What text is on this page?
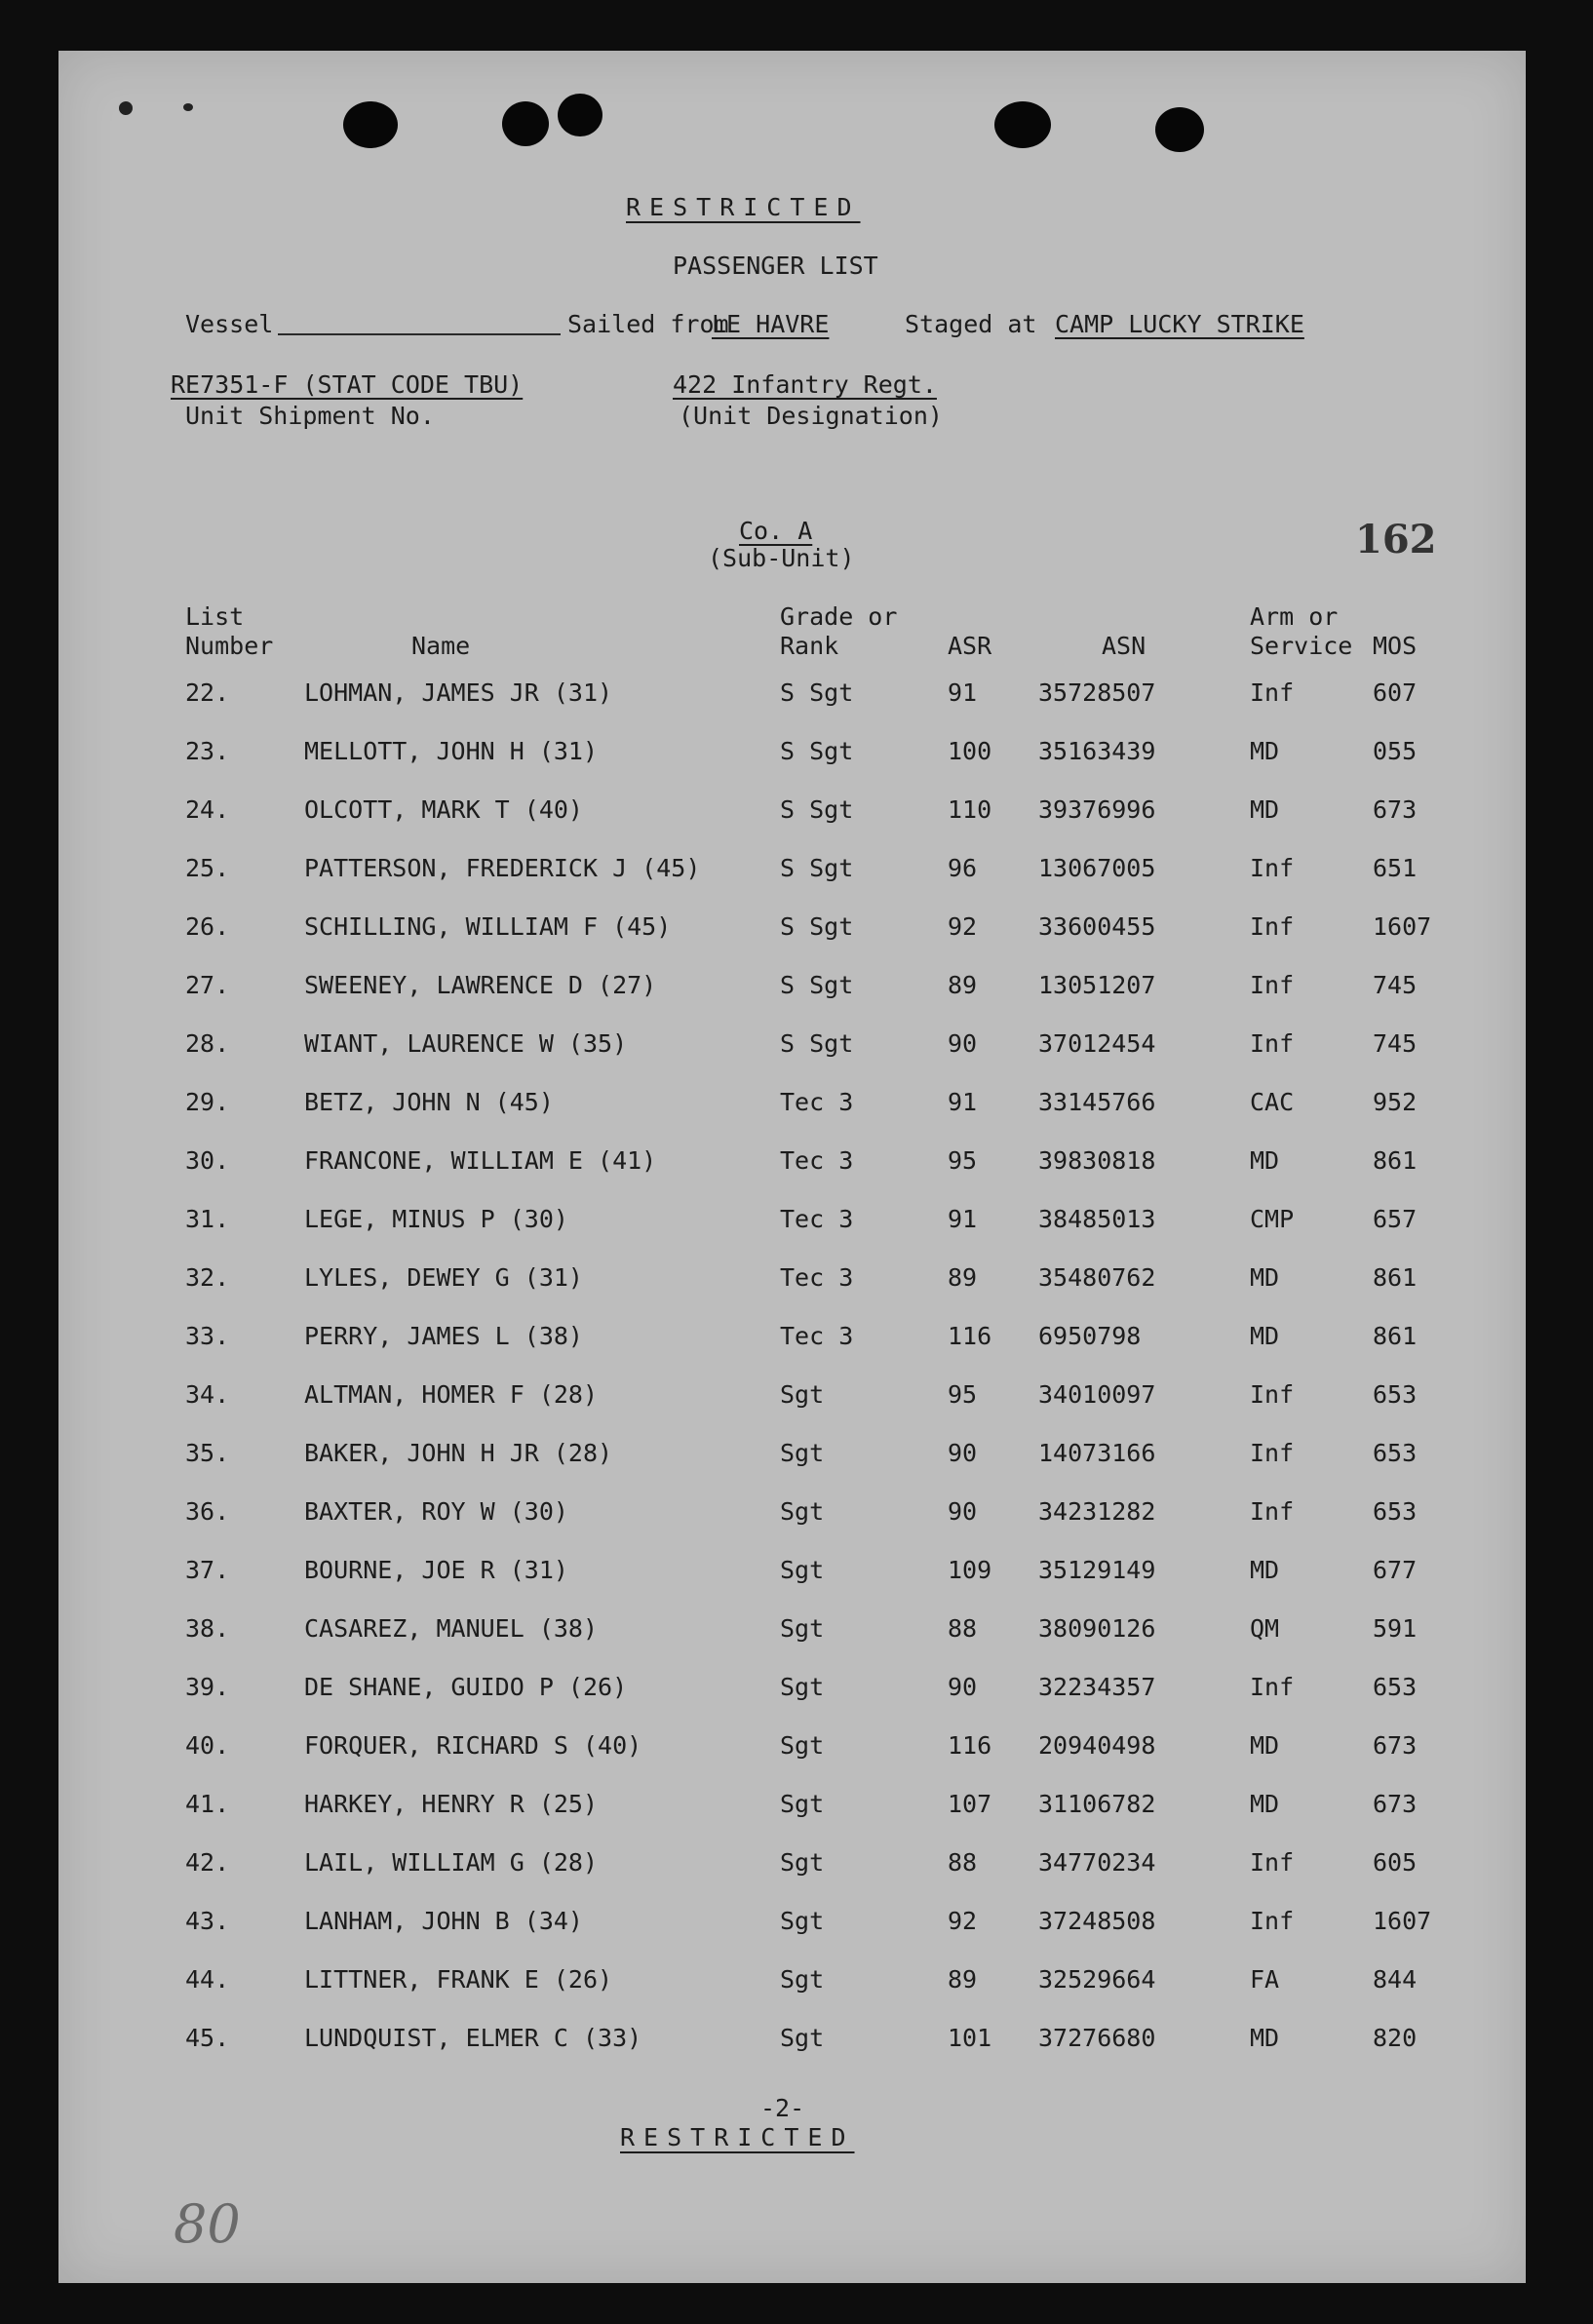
RESTRICTED
PASSENGER LIST
Vessel	Sailed from
LE HAVRE	Staged at CAMP LUCKY STRIKE
RE7351-F (STAT CODE TBU)
Unit Shipment No.
422 Infantry Regt.
(Unit Designation)
Co. A
(Sub-Unit)	162
List
Number	Name
Grade or
Rank	ASR	ASN
Arm or
Service MOS
22.	LOHMAN, JAMES JR (31)	S Sgt	91	35728507	Inf	607
23.	MELLOTT, JOHN H (31)	S Sgt	100 35163439	MD	055
24.	OLCOTT, MARK T (40)	S Sgt	110 39376996	MD	673
25.	PATTERSON, FREDERICK J (45)	S Sgt	96	13067005	Inf	651
26.	SCHILLING, WILLIAM F (45)	S Sgt	92	33600455	Inf	1607
27.	SWEENEY, LAWRENCE D (27)	S Sgt	89	13051207	Inf	745
28.	WIANT, LAURENCE W (35)	S Sgt	90	37012454	Inf	745
29.	BETZ, JOHN N (45)	Tec 3	91	33145766	CAC	952
30.	FRANCONE, WILLIAM E (41)	Tec 3	95	39830818	MD	861
31.	LEGE, MINUS P (30)	Tec 3	91	38485013	CMP	657
32.	LYLES, DEWEY G (31)	Tec 3	89	35480762	MD	861
33.	PERRY, JAMES L (38)	Tec 3	116 6950798	MD	861
34.	ALTMAN, HOMER F (28)	Sgt	95	34010097	Inf	653
35.	BAKER, JOHN H JR (28)	Sgt	90	14073166	Inf	653
36.	BAXTER, ROY W (30)	Sgt	90	34231282	Inf	653
37.	BOURNE, JOE R (31)	Sgt	109 35129149	MD	677
38.	CASAREZ, MANUEL (38)	Sgt	88	38090126	QM	591
39.	DE SHANE, GUIDO P (26)	Sgt	90	32234357	Inf	653
40.	FORQUER, RICHARD S (40)	Sgt	116 20940498	MD	673
41.	HARKEY, HENRY R (25)	Sgt	107 31106782	MD	673
42.	LAIL, WILLIAM G (28)	Sgt	88	34770234	Inf	605
43.	LANHAM, JOHN B (34)	Sgt	92	37248508	Inf	1607
44.	LITTNER, FRANK E (26)	Sgt	89	32529664	FA	844
45.	LUNDQUIST, ELMER C (33)	Sgt	101 37276680	MD	820
-2-
RESTRICTED
80
